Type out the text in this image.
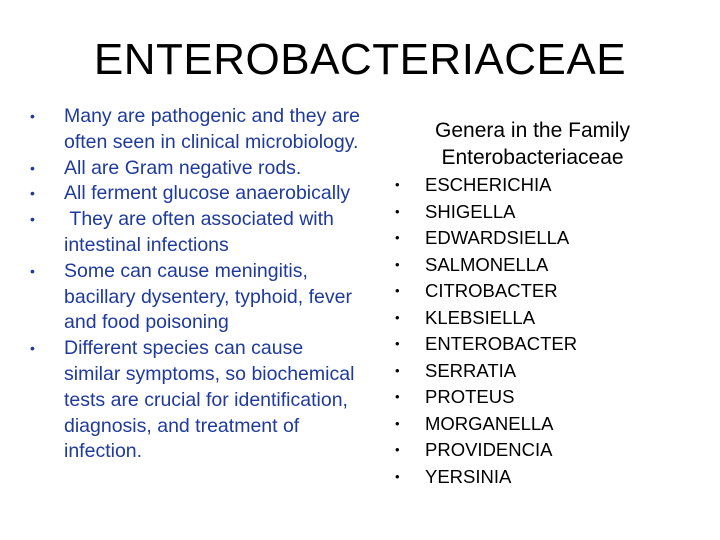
ENTEROBACTERIACEAE
•	Many are pathogenic and they are often seen in clinical microbiology.
•	All are Gram negative rods.
•	All ferment glucose anaerobically
•	They are often associated with intestinal infections
•	Some can cause meningitis, bacillary dysentery, typhoid, fever and food poisoning
•	Different species can cause similar symptoms, so biochemical tests are crucial for identification, diagnosis, and treatment of infection.
Genera in the Family
Enterobacteriaceae
•	ESCHERICHIA
•	SHIGELLA
•	EDWARDSIELLA
•	SALMONELLA
•	CITROBACTER
•	KLEBSIELLA
•	ENTEROBACTER
•	SERRATIA
•	PROTEUS
•	MORGANELLA
•	PROVIDENCIA
•	YERSINIA
